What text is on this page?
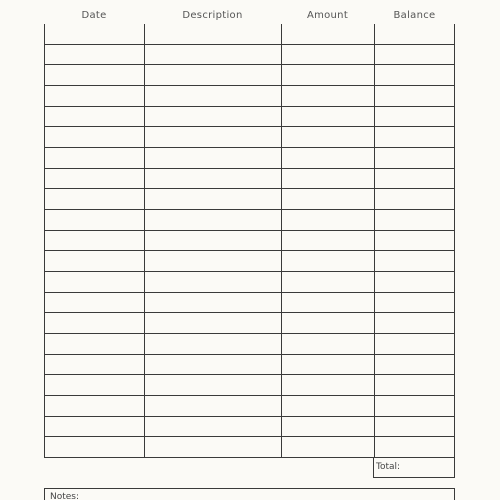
Date	Description	Amount	Balance
Total:
Notes:
